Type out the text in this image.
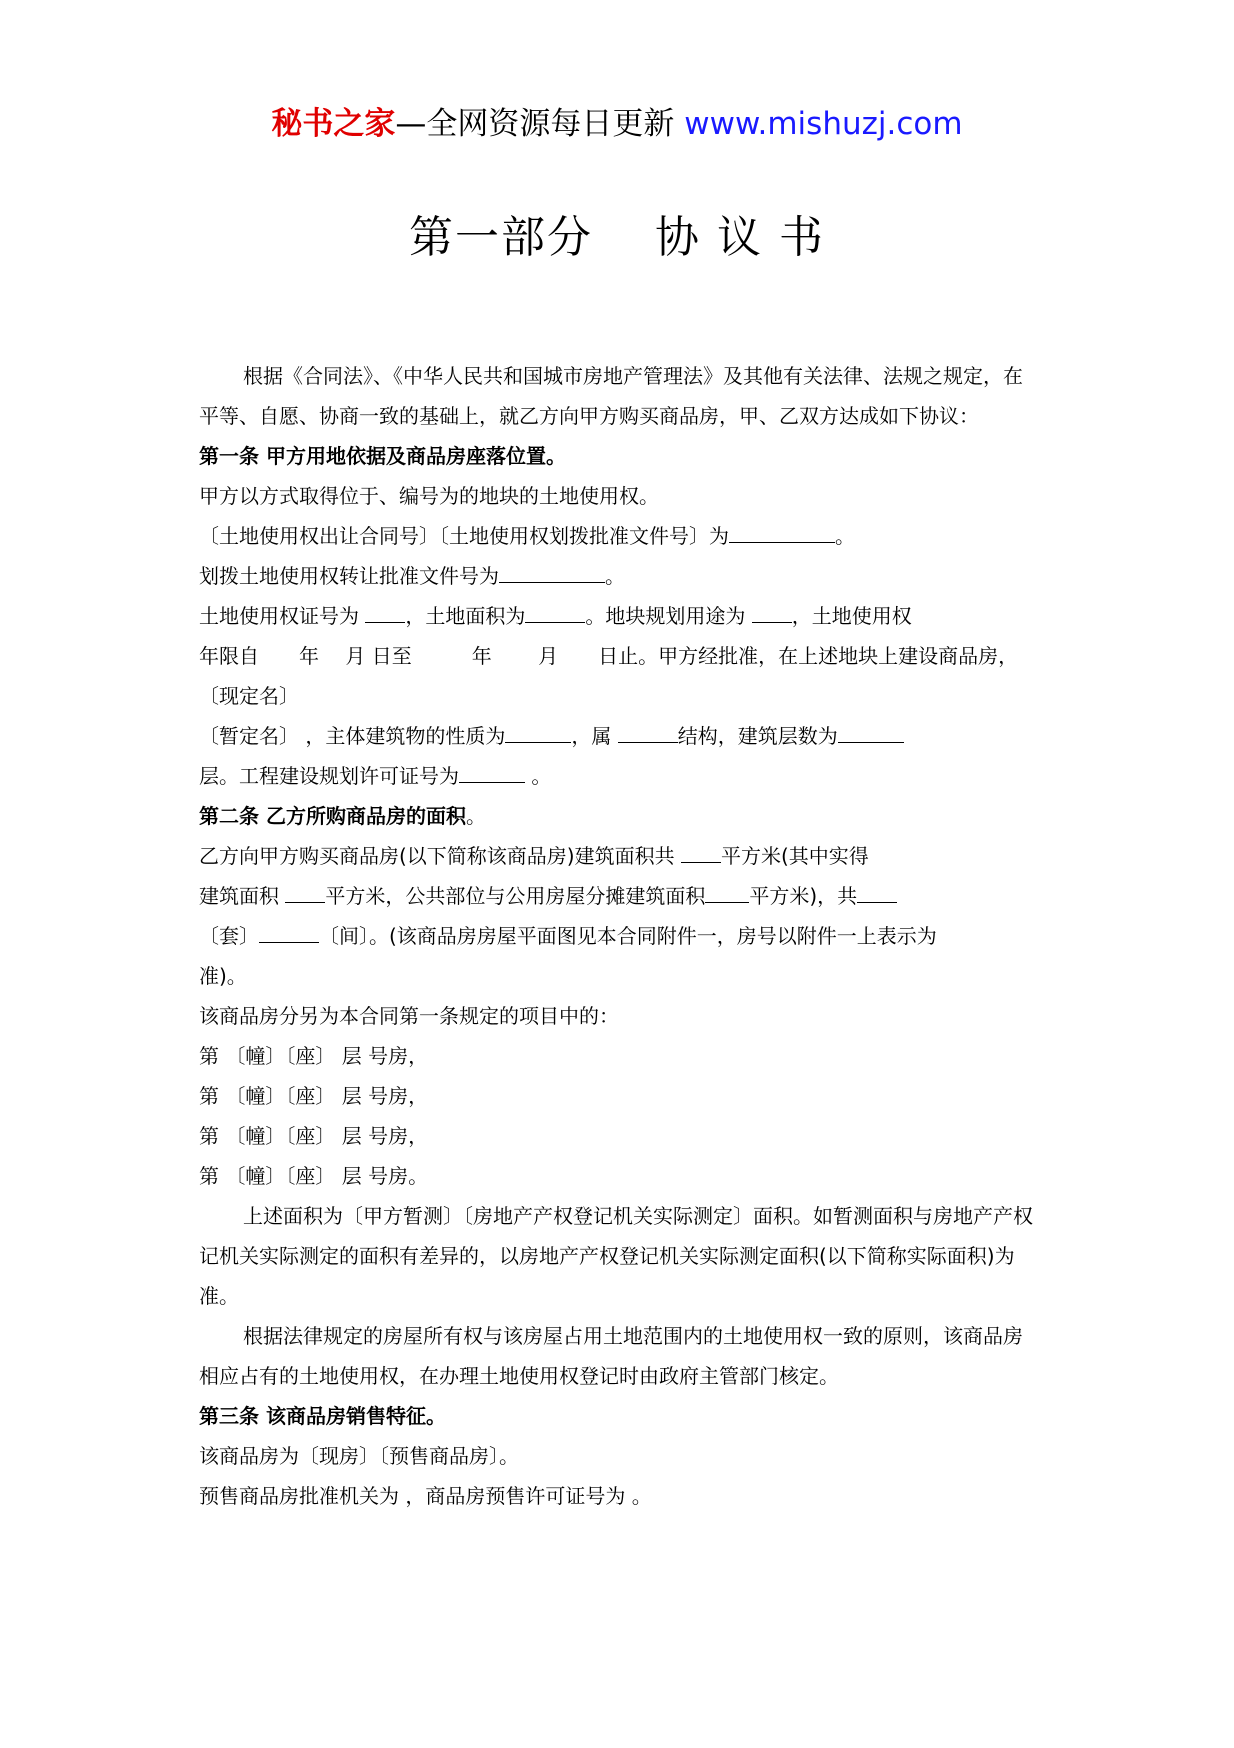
秘书之家—全网资源每日更新 www.mishuzj.com
第一部分　 协 议 书

根据《合同法》、《中华人民共和国城市房地产管理法》及其他有关法律、法规之规定，在平等、自愿、协商一致的基础上，就乙方向甲方购买商品房，甲、乙双方达成如下协议：

第一条 甲方用地依据及商品房座落位置。

甲方以方式取得位于、编号为的地块的土地使用权。

〔土地使用权出让合同号〕〔土地使用权划拨批准文件号〕为	。

划拨土地使用权转让批准文件号为	。

土地使用权证号为 ，土地面积为	。地块规划用途为 ，土地使用权

年限自　　年　 月 日至　　　年　　 月　　日止。甲方经批准，在上述地块上建设商品房，

〔现定名〕

〔暂定名〕 ，主体建筑物的性质为	，属	结构，建筑层数为

层。工程建设规划许可证号为	。

第二条 乙方所购商品房的面积。

乙方向甲方购买商品房(以下简称该商品房)建筑面积共 平方米(其中实得

建筑面积 平方米，公共部位与公用房屋分摊建筑面积 平方米)，共

〔套〕	〔间〕。(该商品房房屋平面图见本合同附件一，房号以附件一上表示为

准)。

该商品房分另为本合同第一条规定的项目中的：

第 〔幢〕〔座〕 层 号房，

第 〔幢〕〔座〕 层 号房，

第 〔幢〕〔座〕 层 号房，

第 〔幢〕〔座〕 层 号房。

上述面积为〔甲方暂测〕〔房地产产权登记机关实际测定〕面积。如暂测面积与房地产产权记机关实际测定的面积有差异的，以房地产产权登记机关实际测定面积(以下简称实际面积)为准。

根据法律规定的房屋所有权与该房屋占用土地范围内的土地使用权一致的原则，该商品房相应占有的土地使用权，在办理土地使用权登记时由政府主管部门核定。

第三条 该商品房销售特征。

该商品房为〔现房〕〔预售商品房〕。

预售商品房批准机关为 ，商品房预售许可证号为 。
